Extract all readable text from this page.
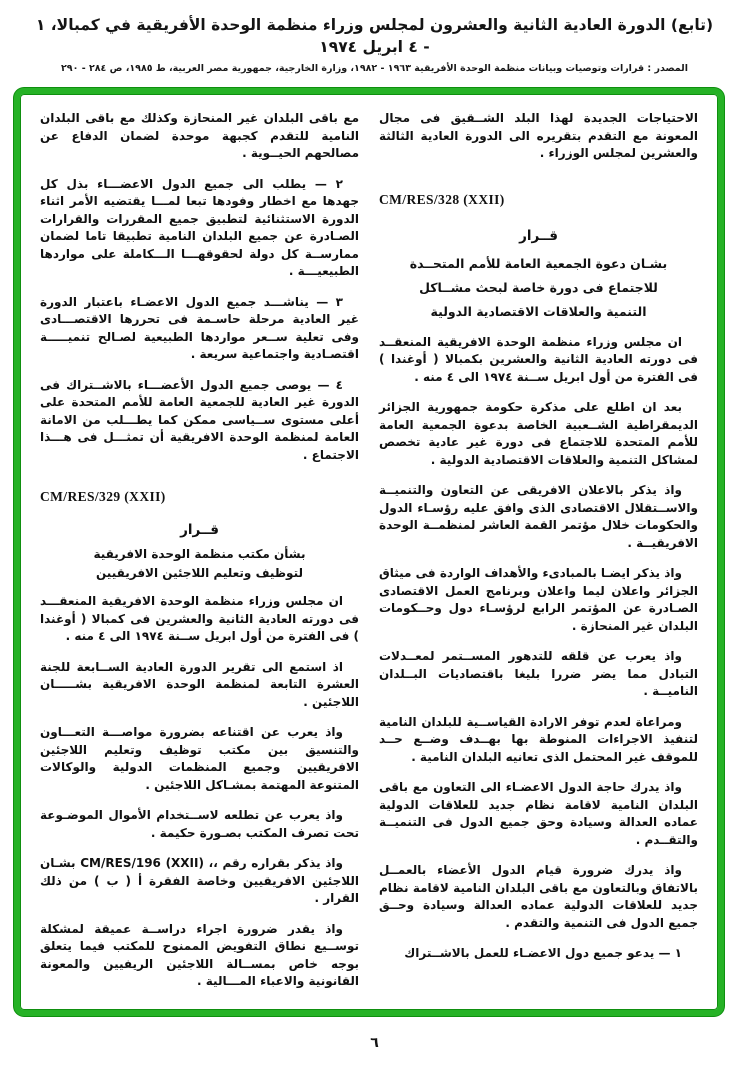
(تابع) الدورة العادية الثانية والعشرون لمجلس وزراء منظمة الوحدة الأفريقية في كمبالا، ١ - ٤ ابريل ١٩٧٤
المصدر : قرارات وتوصيات وبيانات منظمة الوحدة الأفريقية ١٩٦٣ - ١٩٨٢، وزارة الخارجية، جمهورية مصر العربية، ط ١٩٨٥، ص ٢٨٤ - ٢٩٠

الاحتياجات الجديدة لهذا البلد الشــقيق فى مجال المعونة مع التقدم بتقريره الى الدورة العادية الثالثة والعشرين لمجلس الوزراء .

CM/RES/328 (XXII)
قــرار
بشـان دعوة الجمعية العامة للأمم المتحــدة
للاجتماع فى دورة خاصة لبحث مشــاكل
التنمية والعلاقات الاقتصادية الدولية

ان مجلس وزراء منظمة الوحدة الافريقية المنعقــد فى دورته العادية الثانية والعشرين بكمبالا ( أوغندا ) فى الفترة من أول ابريل ســنة ١٩٧٤ الى ٤ منه .

بعد ان اطلع على مذكرة حكومة جمهورية الجزائر الديمقراطية الشــعبية الخاصة بدعوة الجمعية العامة للأمم المتحدة للاجتماع فى دورة غير عادية تخصص لمشاكل التنمية والعلاقات الاقتصادية الدولية .

واذ يذكر بالاعلان الافريقى عن التعاون والتنميــة والاســتقلال الاقتصادى الذى وافق عليه رؤسـاء الدول والحكومات خلال مؤتمر القمة العاشر لمنظمــة الوحدة الافريقيــة .

واذ يذكر ايضـا بالمبادىء والأهداف الواردة فى ميثاق الجزائر واعلان ليما واعلان وبرنامج العمل الاقتصادى الصـادرة عن المؤتمر الرابع لرؤسـاء دول وحــكومات البلدان غير المنحازة .

واذ يعرب عن قلقه للتدهور المســتمر لمعــدلات التبادل مما يضر ضررا بليغا باقتصاديات البــلدان الناميــة .

ومراعاة لعدم توفر الارادة القياســية للبلدان النامية لتنفيذ الاجراءات المنوطة بها بهــدف وضــع حــد للموقف غير المحتمل الذى تعانيه البلدان النامية .

واذ يدرك حاجة الدول الاعضـاء الى التعاون مع باقى البلدان النامية لاقامة نظام جديد للعلاقات الدولية عماده العدالة وسيادة وحق جميع الدول فى التنميــة والتقــدم .

واذ يدرك ضرورة قيام الدول الأعضاء بالعمــل بالاتفاق وبالتعاون مع باقى البلدان النامية لاقامة نظام جديد للعلاقات الدولية عماده العدالة وسيادة وحــق جميع الدول فى التنمية والتقدم .

١ — يدعو جميع دول الاعضـاء للعمل بالاشــتراك

مع باقى البلدان غير المنحازة وكذلك مع باقى البلدان النامية للتقدم كجبهة موحدة لضمان الدفاع عن مصالحهم الحيــوية .

٢ — يطلب الى جميع الدول الاعضـــاء بذل كل جهدها مع اخطار وفودها تبعا لمـــا يقتضيه الأمر اثناء الدورة الاستثنائية لتطبيق جميع المقررات والقرارات الصـادرة عن جميع البلدان النامية تطبيقا تاما لضمان ممارســة كل دولة لحقوقهـــا الـــكاملة على مواردها الطبيعيـــة .

٣ — يناشـــد جميع الدول الاعضـاء باعتبار الدورة غير العادية مرحلة حاسـمة فى تحررها الاقتصـــادى وفى تعلية ســعر مواردها الطبيعية لصـالح تنميـــــة اقتصـادية واجتماعية سريعة .

٤ — يوصى جميع الدول الأعضـــاء بالاشــتراك فى الدورة غير العادية للجمعية العامة للأمم المتحدة على أعلى مستوى ســياسى ممكن كما يطـــلب من الامانة العامة لمنظمة الوحدة الافريقية أن تمثـــل فى هـــذا الاجتماع .

CM/RES/329 (XXII)
قــرار
بشأن مكتب منظمة الوحدة الافريقية
لتوظيف وتعليم اللاجئين الافريقيين

ان مجلس وزراء منظمة الوحدة الافريقية المنعقـــد فى دورته العادية الثانية والعشرين فى كمبالا ( أوغندا ) فى الفترة من أول ابريل ســنة ١٩٧٤ الى ٤ منه .

اذ استمع الى تقرير الدورة العادية الســابعة للجنة العشرة التابعة لمنظمة الوحدة الافريقية بشـــــان اللاجئين .

واذ يعرب عن اقتناعه بضرورة مواصـــة التعـــاون والتنسيق بين مكتب توظيف وتعليم اللاجئين الافريقيين وجميع المنظمات الدولية والوكالات المتنوعة المهتمة بمشـاكل اللاجئين .

واذ يعرب عن تطلعه لاســتخدام الأموال الموضـوعة تحت تصرف المكتب بصـورة حكيمة .

واذ يذكر بقراره رقم ،، CM/RES/196 (XXII) بشـان اللاجئين الافريقيين وخاصة الفقرة أ ( ب ) من ذلك القرار .

واذ يقدر ضرورة اجراء دراســة عميقة لمشكلة توســيع نطاق التفويض الممنوح للمكتب فيما يتعلق بوجه خاص بمســالة اللاجئين الريفيين والمعونة القانونية والاعباء المـــالية .

٦
